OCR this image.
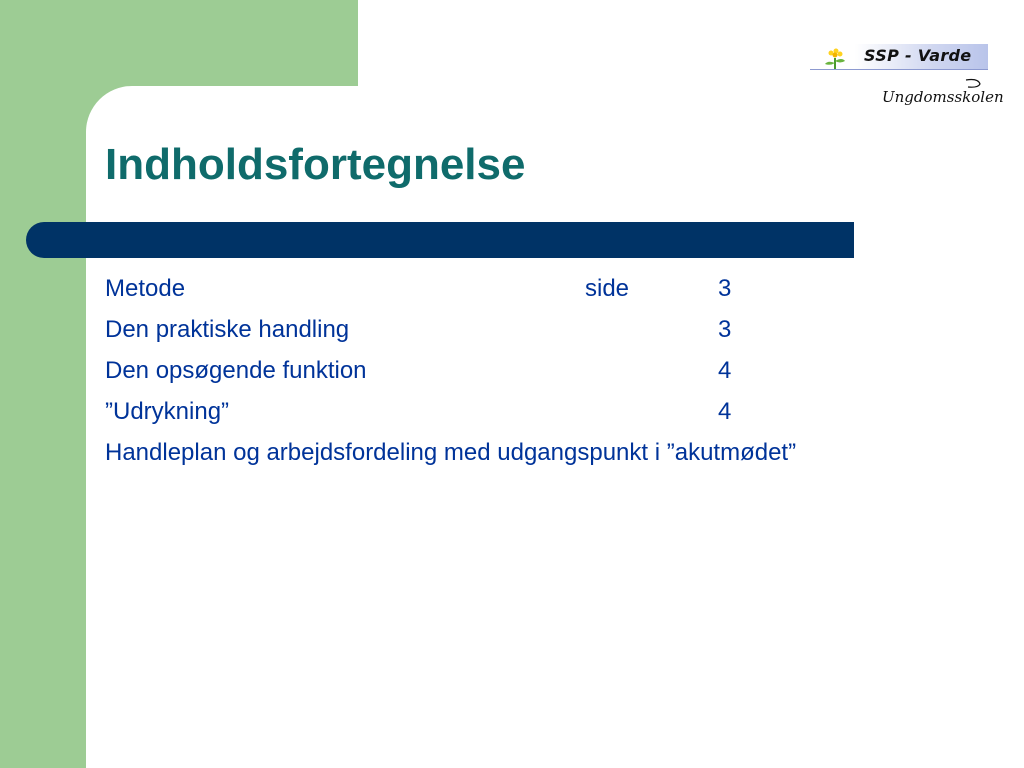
SSP - Varde
Ungdomsskolen
Indholdsfortegnelse
Metode	side	3
Den praktiske handling	3
Den opsøgende funktion	4
”Udrykning”	4
Handleplan og arbejdsfordeling med udgangspunkt i ”akutmødet”
